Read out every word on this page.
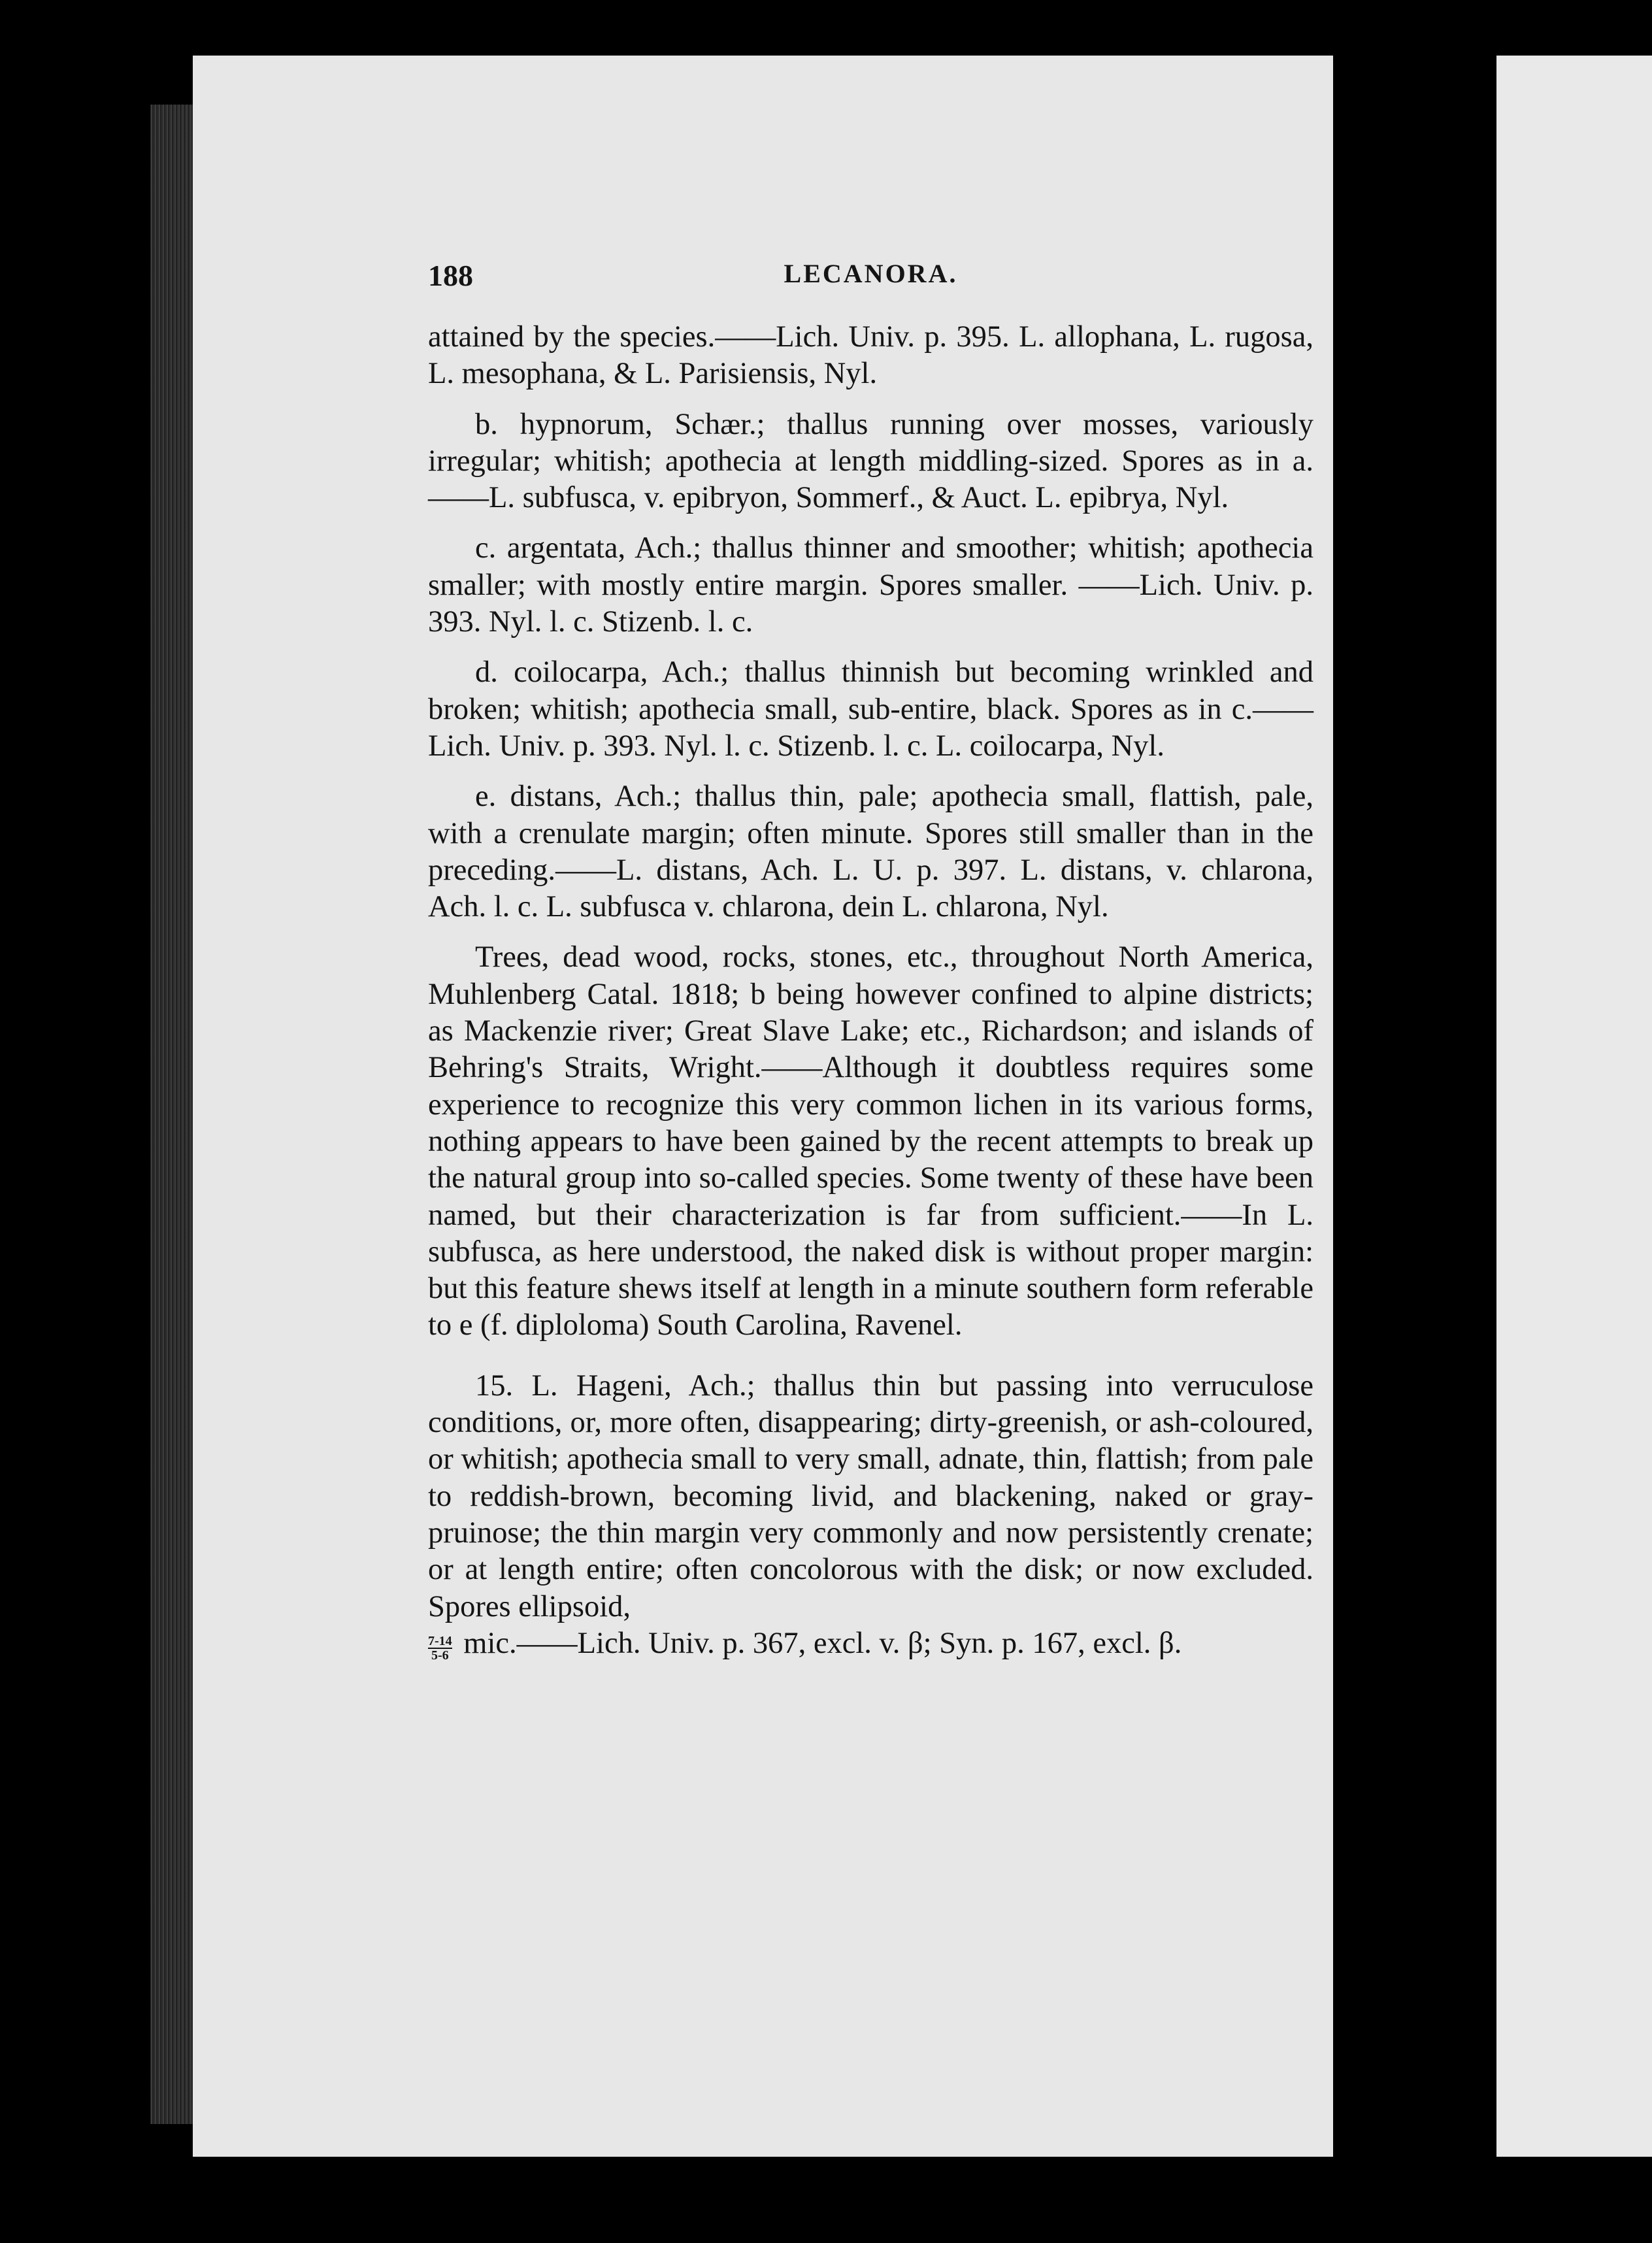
188	LECANORA.

attained by the species.——Lich. Univ. p. 395. L. allophana, L. rugosa, L. mesophana, & L. Parisiensis, Nyl.

b. hypnorum, Schær.; thallus running over mosses, variously irregular; whitish; apothecia at length middling-sized. Spores as in a.——L. subfusca, v. epibryon, Sommerf., & Auct. L. epibrya, Nyl.

c. argentata, Ach.; thallus thinner and smoother; whitish; apothecia smaller; with mostly entire margin. Spores smaller. ——Lich. Univ. p. 393. Nyl. l. c. Stizenb. l. c.

d. coilocarpa, Ach.; thallus thinnish but becoming wrinkled and broken; whitish; apothecia small, sub-entire, black. Spores as in c.——Lich. Univ. p. 393. Nyl. l. c. Stizenb. l. c. L. coilocarpa, Nyl.

e. distans, Ach.; thallus thin, pale; apothecia small, flattish, pale, with a crenulate margin; often minute. Spores still smaller than in the preceding.——L. distans, Ach. L. U. p. 397. L. distans, v. chlarona, Ach. l. c. L. subfusca v. chlarona, dein L. chlarona, Nyl.

Trees, dead wood, rocks, stones, etc., throughout North America, Muhlenberg Catal. 1818; b being however confined to alpine districts; as Mackenzie river; Great Slave Lake; etc., Richardson; and islands of Behring's Straits, Wright.——Although it doubtless requires some experience to recognize this very common lichen in its various forms, nothing appears to have been gained by the recent attempts to break up the natural group into so-called species. Some twenty of these have been named, but their characterization is far from sufficient.——In L. subfusca, as here understood, the naked disk is without proper margin: but this feature shews itself at length in a minute southern form referable to e (f. diploloma) South Carolina, Ravenel.

15. L. Hageni, Ach.; thallus thin but passing into verruculose conditions, or, more often, disappearing; dirty-greenish, or ash-coloured, or whitish; apothecia small to very small, adnate, thin, flattish; from pale to reddish-brown, becoming livid, and blackening, naked or gray-pruinose; the thin margin very commonly and now persistently crenate; or at length entire; often concolorous with the disk; or now excluded. Spores ellipsoid,

$\frac{7-14}{5-6}$ mic.——Lich. Univ. p. 367, excl. v. β; Syn. p. 167, excl. β.
